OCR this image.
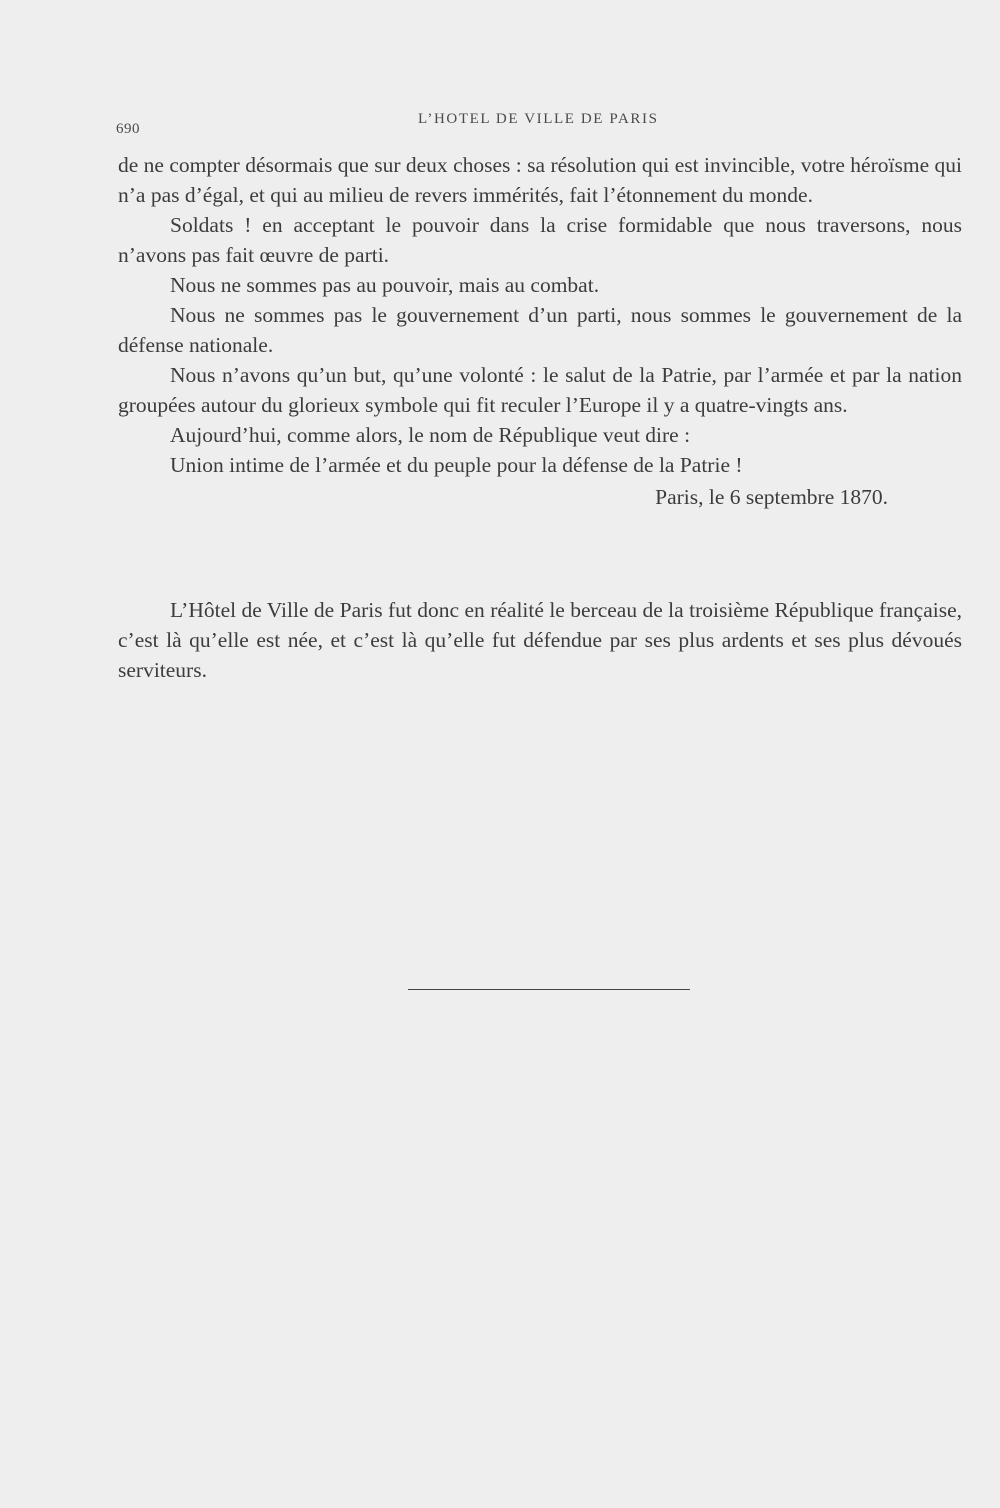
690
L’HOTEL DE VILLE DE PARIS

de ne compter désormais que sur deux choses : sa résolution qui est invincible, votre héroïsme qui n’a pas d’égal, et qui au milieu de revers immérités, fait l’étonnement du monde.

Soldats ! en acceptant le pouvoir dans la crise formidable que nous traversons, nous n’avons pas fait œuvre de parti.

Nous ne sommes pas au pouvoir, mais au combat.

Nous ne sommes pas le gouvernement d’un parti, nous sommes le gouvernement de la défense nationale.

Nous n’avons qu’un but, qu’une volonté : le salut de la Patrie, par l’armée et par la nation groupées autour du glorieux symbole qui fit reculer l’Europe il y a quatre-vingts ans.

Aujourd’hui, comme alors, le nom de République veut dire :

Union intime de l’armée et du peuple pour la défense de la Patrie !

Paris, le 6 septembre 1870.

L’Hôtel de Ville de Paris fut donc en réalité le berceau de la troisième République française, c’est là qu’elle est née, et c’est là qu’elle fut défendue par ses plus ardents et ses plus dévoués serviteurs.
